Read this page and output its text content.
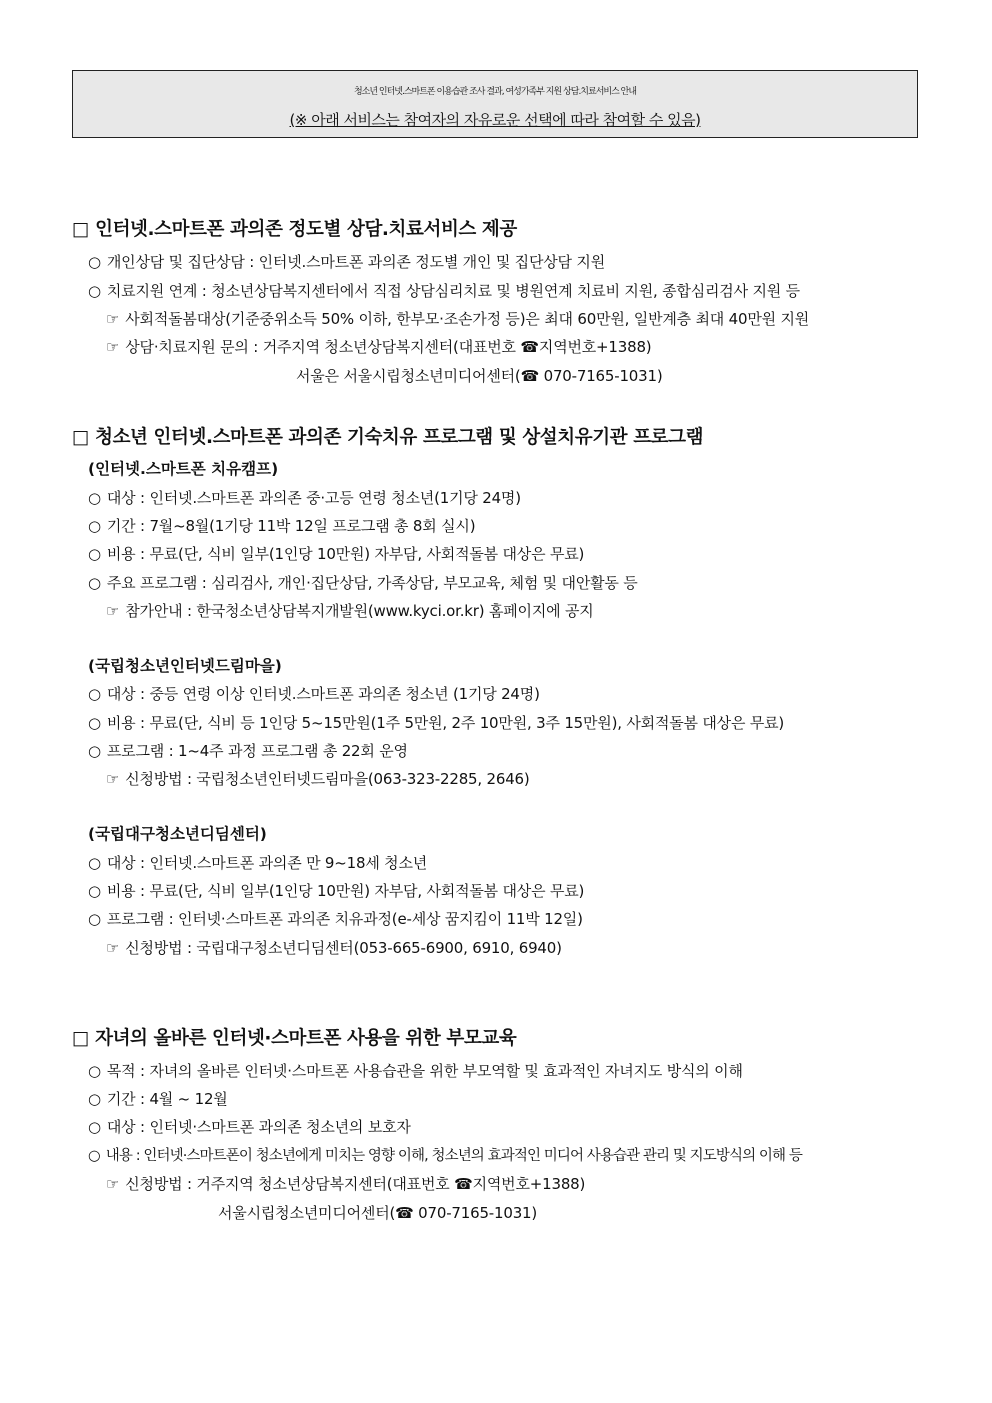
청소년 인터넷.스마트폰 이용습관 조사 결과, 여성가족부 지원 상담.치료서비스 안내
(※ 아래 서비스는 참여자의 자유로운 선택에 따라 참여할 수 있음)
□ 인터넷.스마트폰 과의존 정도별 상담.치료서비스 제공
○ 개인상담 및 집단상담 : 인터넷.스마트폰 과의존 정도별 개인 및 집단상담 지원
○ 치료지원 연계 : 청소년상담복지센터에서 직접 상담심리치료 및 병원연계 치료비 지원, 종합심리검사 지원 등
☞ 사회적돌봄대상(기준중위소득 50% 이하, 한부모·조손가정 등)은 최대 60만원, 일반계층 최대 40만원 지원
☞ 상담·치료지원 문의 : 거주지역 청소년상담복지센터(대표번호 ☎지역번호+1388)
서울은 서울시립청소년미디어센터(☎ 070-7165-1031)
□ 청소년 인터넷.스마트폰 과의존 기숙치유 프로그램 및 상설치유기관 프로그램
(인터넷.스마트폰 치유캠프)
○ 대상 : 인터넷.스마트폰 과의존 중·고등 연령 청소년(1기당 24명)
○ 기간 : 7월~8월(1기당 11박 12일 프로그램 총 8회 실시)
○ 비용 : 무료(단, 식비 일부(1인당 10만원) 자부담, 사회적돌봄 대상은 무료)
○ 주요 프로그램 : 심리검사, 개인·집단상담, 가족상담, 부모교육, 체험 및 대안활동 등
☞ 참가안내 : 한국청소년상담복지개발원(www.kyci.or.kr) 홈페이지에 공지
(국립청소년인터넷드림마을)
○ 대상 : 중등 연령 이상 인터넷.스마트폰 과의존 청소년 (1기당 24명)
○ 비용 : 무료(단, 식비 등 1인당 5~15만원(1주 5만원, 2주 10만원, 3주 15만원), 사회적돌봄 대상은 무료)
○ 프로그램 : 1~4주 과정 프로그램 총 22회 운영
☞ 신청방법 : 국립청소년인터넷드림마을(063-323-2285, 2646)
(국립대구청소년디딤센터)
○ 대상 : 인터넷.스마트폰 과의존 만 9~18세 청소년
○ 비용 : 무료(단, 식비 일부(1인당 10만원) 자부담, 사회적돌봄 대상은 무료)
○ 프로그램 : 인터넷·스마트폰 과의존 치유과정(e-세상 꿈지킴이 11박 12일)
☞ 신청방법 : 국립대구청소년디딤센터(053-665-6900, 6910, 6940)
□ 자녀의 올바른 인터넷·스마트폰 사용을 위한 부모교육
○ 목적 : 자녀의 올바른 인터넷·스마트폰 사용습관을 위한 부모역할 및 효과적인 자녀지도 방식의 이해
○ 기간 : 4월 ~ 12월
○ 대상 : 인터넷·스마트폰 과의존 청소년의 보호자
○ 내용 : 인터넷·스마트폰이 청소년에게 미치는 영향 이해, 청소년의 효과적인 미디어 사용습관 관리 및 지도방식의 이해 등
☞ 신청방법 : 거주지역 청소년상담복지센터(대표번호 ☎지역번호+1388)
서울시립청소년미디어센터(☎ 070-7165-1031)
